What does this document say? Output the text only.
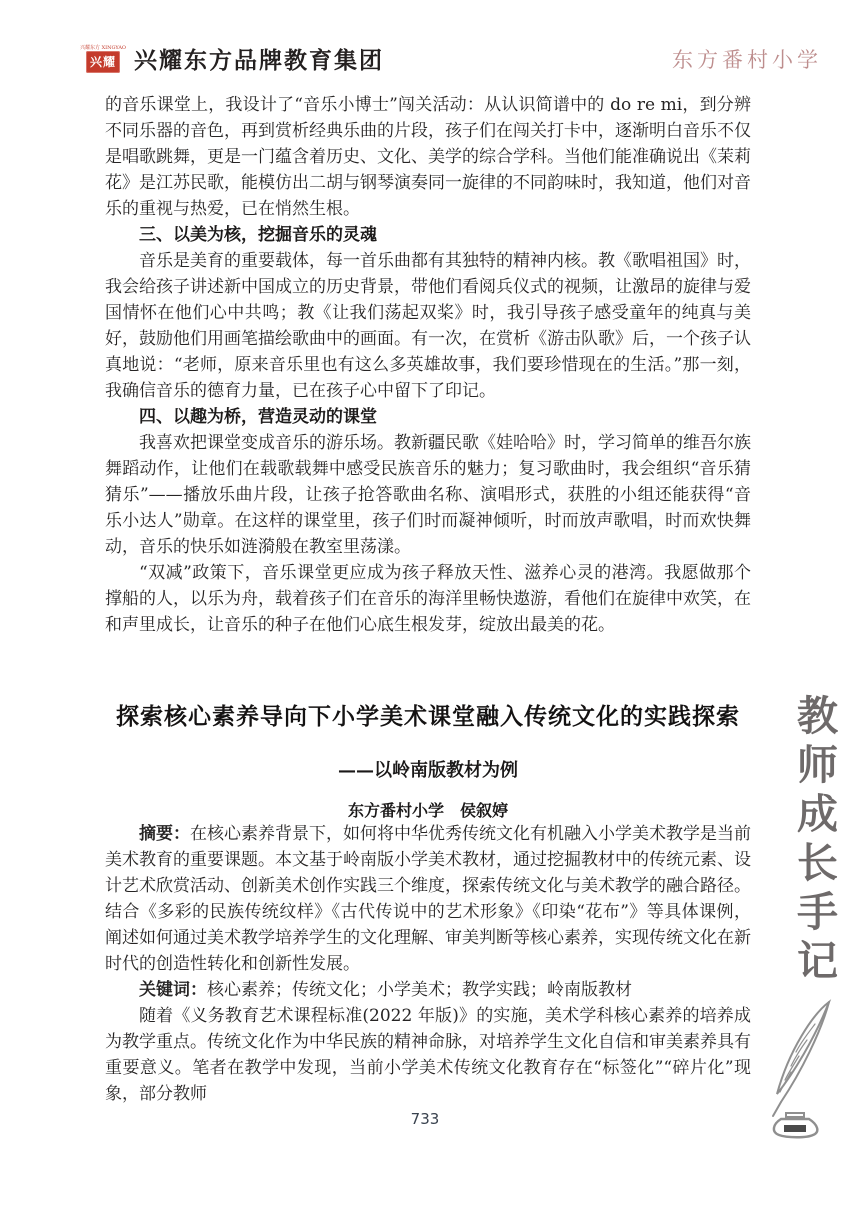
兴耀东方 XINGYAO
兴耀 兴耀东方品牌教育集团	东方番村小学

的音乐课堂上，我设计了“音乐小博士”闯关活动：从认识简谱中的 do re mi，到分辨不同乐器的音色，再到赏析经典乐曲的片段，孩子们在闯关打卡中，逐渐明白音乐不仅是唱歌跳舞，更是一门蕴含着历史、文化、美学的综合学科。当他们能准确说出《茉莉花》是江苏民歌，能模仿出二胡与钢琴演奏同一旋律的不同韵味时，我知道，他们对音乐的重视与热爱，已在悄然生根。

三、以美为核，挖掘音乐的灵魂

音乐是美育的重要载体，每一首乐曲都有其独特的精神内核。教《歌唱祖国》时，我会给孩子讲述新中国成立的历史背景，带他们看阅兵仪式的视频，让激昂的旋律与爱国情怀在他们心中共鸣；教《让我们荡起双桨》时，我引导孩子感受童年的纯真与美好，鼓励他们用画笔描绘歌曲中的画面。有一次，在赏析《游击队歌》后，一个孩子认真地说：“老师，原来音乐里也有这么多英雄故事，我们要珍惜现在的生活。”那一刻，我确信音乐的德育力量，已在孩子心中留下了印记。

四、以趣为桥，营造灵动的课堂

我喜欢把课堂变成音乐的游乐场。教新疆民歌《娃哈哈》时，学习简单的维吾尔族舞蹈动作，让他们在载歌载舞中感受民族音乐的魅力；复习歌曲时，我会组织“音乐猜猜乐”——播放乐曲片段，让孩子抢答歌曲名称、演唱形式，获胜的小组还能获得“音乐小达人”勋章。在这样的课堂里，孩子们时而凝神倾听，时而放声歌唱，时而欢快舞动，音乐的快乐如涟漪般在教室里荡漾。

“双减”政策下，音乐课堂更应成为孩子释放天性、滋养心灵的港湾。我愿做那个撑船的人，以乐为舟，载着孩子们在音乐的海洋里畅快遨游，看他们在旋律中欢笑，在和声里成长，让音乐的种子在他们心底生根发芽，绽放出最美的花。

探索核心素养导向下小学美术课堂融入传统文化的实践探索
——以岭南版教材为例
东方番村小学　侯叙婷

摘要：在核心素养背景下，如何将中华优秀传统文化有机融入小学美术教学是当前美术教育的重要课题。本文基于岭南版小学美术教材，通过挖掘教材中的传统元素、设计艺术欣赏活动、创新美术创作实践三个维度，探索传统文化与美术教学的融合路径。结合《多彩的民族传统纹样》《古代传说中的艺术形象》《印染“花布”》等具体课例，阐述如何通过美术教学培养学生的文化理解、审美判断等核心素养，实现传统文化在新时代的创造性转化和创新性发展。

关键词：核心素养；传统文化；小学美术；教学实践；岭南版教材

随着《义务教育艺术课程标准(2022 年版)》的实施，美术学科核心素养的培养成为教学重点。传统文化作为中华民族的精神命脉，对培养学生文化自信和审美素养具有重要意义。笔者在教学中发现，当前小学美术传统文化教育存在“标签化”“碎片化”现象，部分教师

教师成长手记
733
